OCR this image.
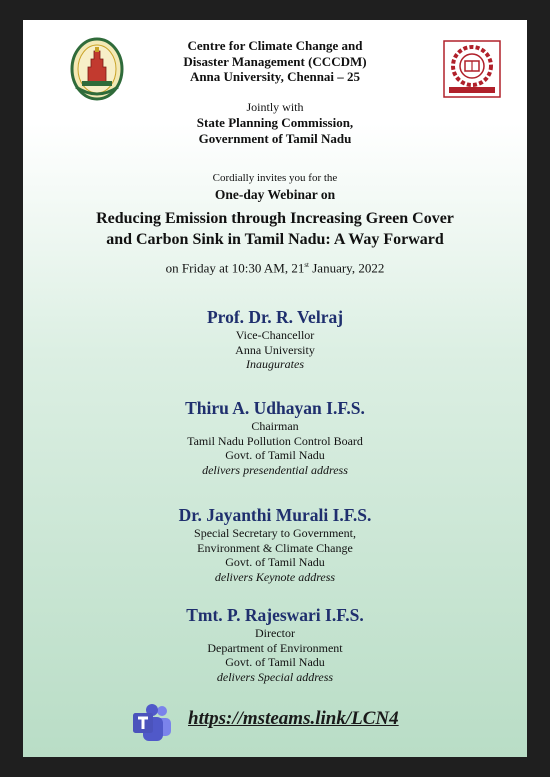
Centre for Climate Change and
Disaster Management (CCCDM)
Anna University, Chennai – 25
Jointly with
State Planning Commission,
Government of Tamil Nadu
Cordially invites you for the
One-day Webinar on
Reducing Emission through Increasing Green Cover
and Carbon Sink in Tamil Nadu: A Way Forward
on Friday at 10:30 AM, 21st January, 2022
Prof. Dr. R. Velraj
Vice-Chancellor
Anna University
Inaugurates
Thiru A. Udhayan I.F.S.
Chairman
Tamil Nadu Pollution Control Board
Govt. of Tamil Nadu
delivers presendential address
Dr. Jayanthi Murali I.F.S.
Special Secretary to Government,
Environment & Climate Change
Govt. of Tamil Nadu
delivers Keynote address
Tmt. P. Rajeswari I.F.S.
Director
Department of Environment
Govt. of Tamil Nadu
delivers Special address
https://msteams.link/LCN4
